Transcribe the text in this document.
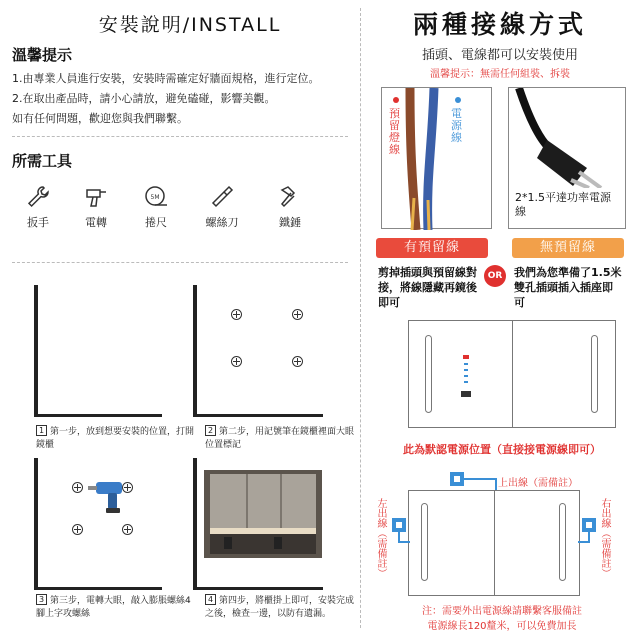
安裝說明/INSTALL
溫馨提示
1.由專業人員進行安裝，安裝時需確定好牆面規格，進行定位。
2.在取出產品時，請小心請放，避免磕碰，影響美觀。
如有任何問題，歡迎您與我們聯繫。
所需工具
扳手	電轉
5M
捲尺	螺絲刀	鐵錘
1 第一步，放到想要安裝的位置，打開鏡櫃
2 第二步，用記號筆在鏡櫃裡面大眼位置標記
3 第三步，電轉大眼，敲入膨脹螺絲4腳上字攻螺絲
4 第四步，將櫃掛上即可，安裝完成之後，檢查一邊，以防有遺漏。
兩種接線方式
插頭、電線都可以安裝使用
溫馨提示：無需任何組裝、拆裝
預留燈線
電源線
2*1.5平達功率電源線
有預留線	無預留線
剪掉插頭與預留線對接，將線隱藏再鏡後即可
OR	我們為您準備了1.5米雙孔插頭插入插座即可
此為默認電源位置（直接接電源線即可）
上出線（需備註）
左出線（需備註）	右出線（需備註）
注：需要外出電源線請聯繫客服備註
電源線長120釐米，可以免費加長
